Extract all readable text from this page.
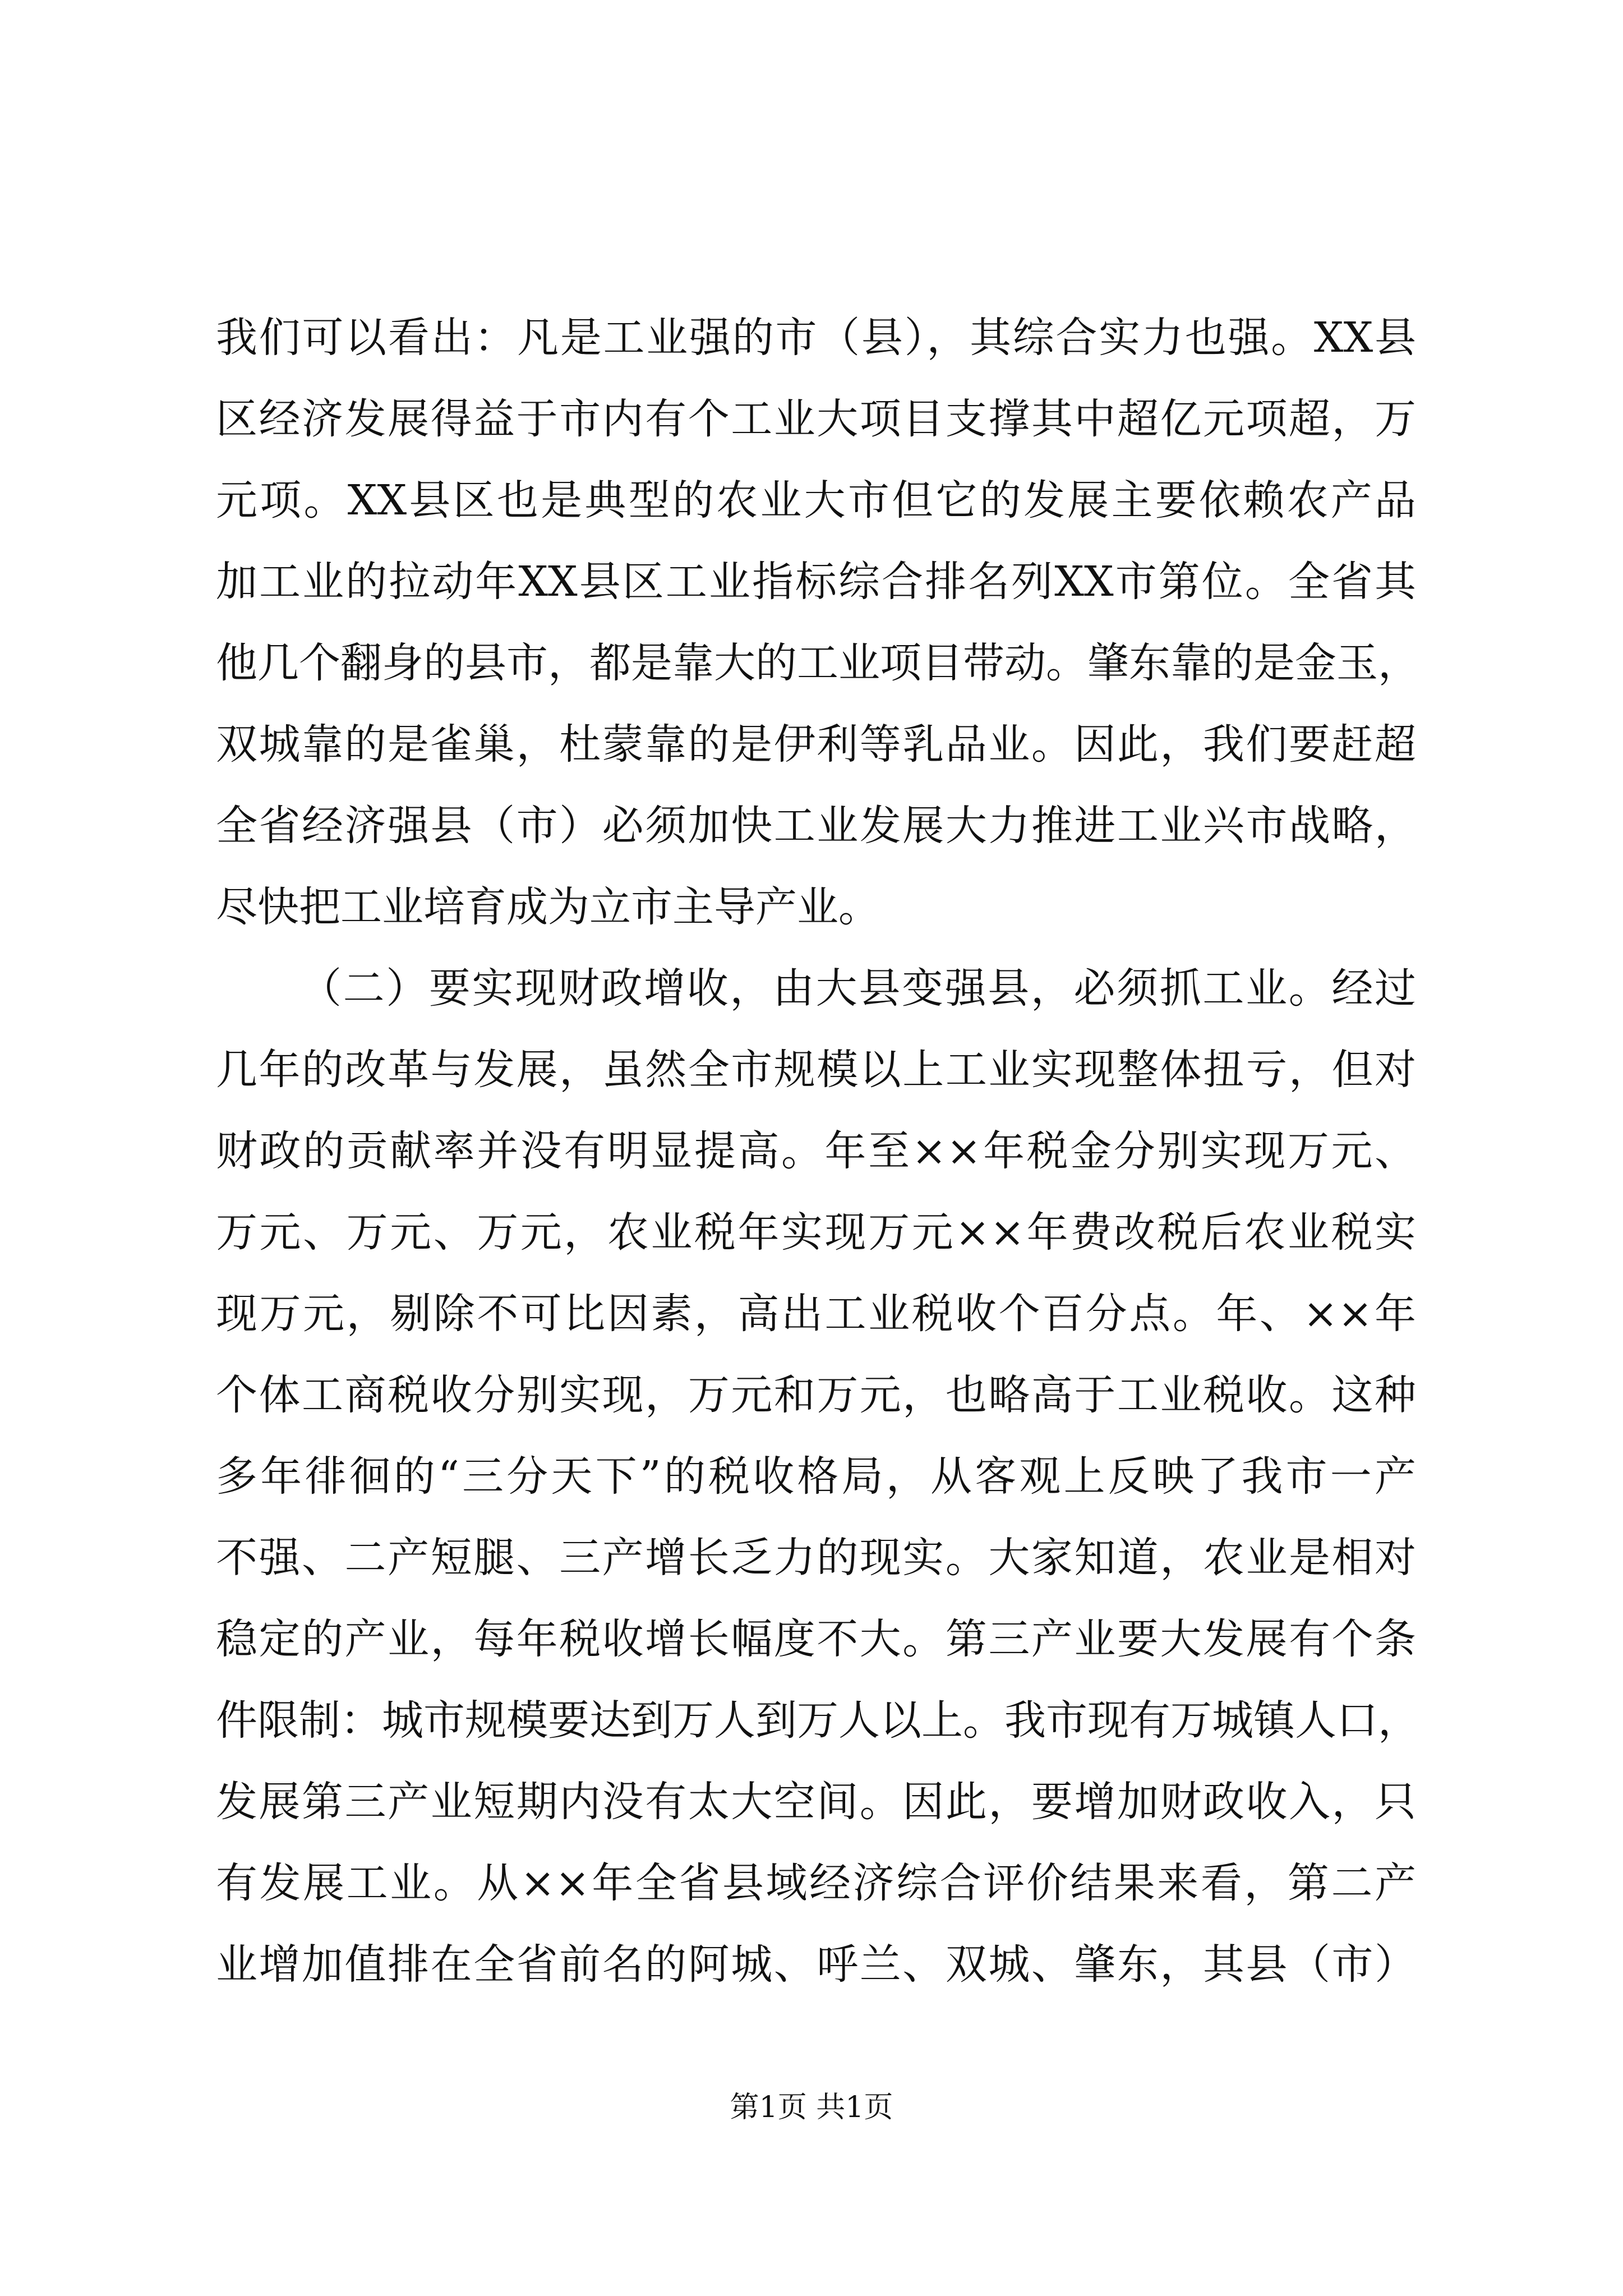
我们可以看出：凡是工业强的市（县），其综合实力也强。XX县
区经济发展得益于市内有个工业大项目支撑其中超亿元项超，万
元项。XX县区也是典型的农业大市但它的发展主要依赖农产品
加工业的拉动年XX县区工业指标综合排名列XX市第位。全省其
他几个翻身的县市，都是靠大的工业项目带动。肇东靠的是金玉，
双城靠的是雀巢，杜蒙靠的是伊利等乳品业。因此，我们要赶超
全省经济强县（市）必须加快工业发展大力推进工业兴市战略，
尽快把工业培育成为立市主导产业。
（二）要实现财政增收，由大县变强县，必须抓工业。经过
几年的改革与发展，虽然全市规模以上工业实现整体扭亏，但对
财政的贡献率并没有明显提高。年至××年税金分别实现万元、
万元、万元、万元，农业税年实现万元××年费改税后农业税实
现万元，剔除不可比因素，高出工业税收个百分点。年、××年
个体工商税收分别实现，万元和万元，也略高于工业税收。这种
多年徘徊的“三分天下”的税收格局，从客观上反映了我市一产
不强、二产短腿、三产增长乏力的现实。大家知道，农业是相对
稳定的产业，每年税收增长幅度不大。第三产业要大发展有个条
件限制：城市规模要达到万人到万人以上。我市现有万城镇人口，
发展第三产业短期内没有太大空间。因此，要增加财政收入，只
有发展工业。从××年全省县域经济综合评价结果来看，第二产
业增加值排在全省前名的阿城、呼兰、双城、肇东，其县（市）
第1页 共1页
